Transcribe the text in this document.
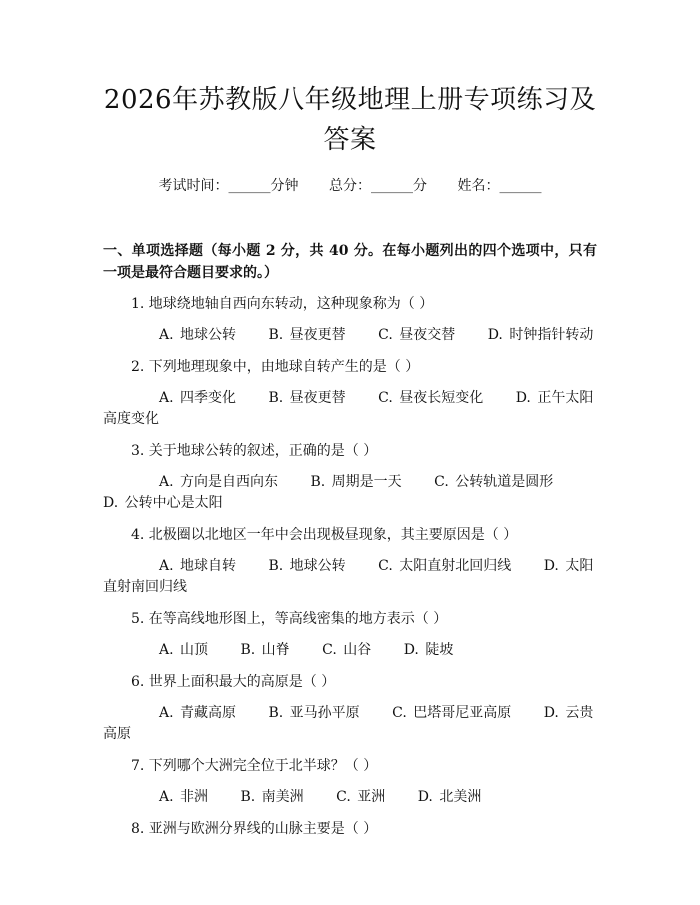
2026年苏教版八年级地理上册专项练习及答案
考试时间：______分钟 总分：______分 姓名：______
一、单项选择题（每小题 2 分，共 40 分。在每小题列出的四个选项中，只有一项是最符合题目要求的。）
1. 地球绕地轴自西向东转动，这种现象称为（ ）
A. 地球公转 B. 昼夜更替 C. 昼夜交替 D. 时钟指针转动
2. 下列地理现象中，由地球自转产生的是（ ）
A. 四季变化 B. 昼夜更替 C. 昼夜长短变化 D. 正午太阳高度变化
3. 关于地球公转的叙述，正确的是（ ）
A. 方向是自西向东 B. 周期是一天 C. 公转轨道是圆形 D. 公转中心是太阳
4. 北极圈以北地区一年中会出现极昼现象，其主要原因是（ ）
A. 地球自转 B. 地球公转 C. 太阳直射北回归线 D. 太阳直射南回归线
5. 在等高线地形图上，等高线密集的地方表示（ ）
A. 山顶 B. 山脊 C. 山谷 D. 陡坡
6. 世界上面积最大的高原是（ ）
A. 青藏高原 B. 亚马孙平原 C. 巴塔哥尼亚高原 D. 云贵高原
7. 下列哪个大洲完全位于北半球？（ ）
A. 非洲 B. 南美洲 C. 亚洲 D. 北美洲
8. 亚洲与欧洲分界线的山脉主要是（ ）
